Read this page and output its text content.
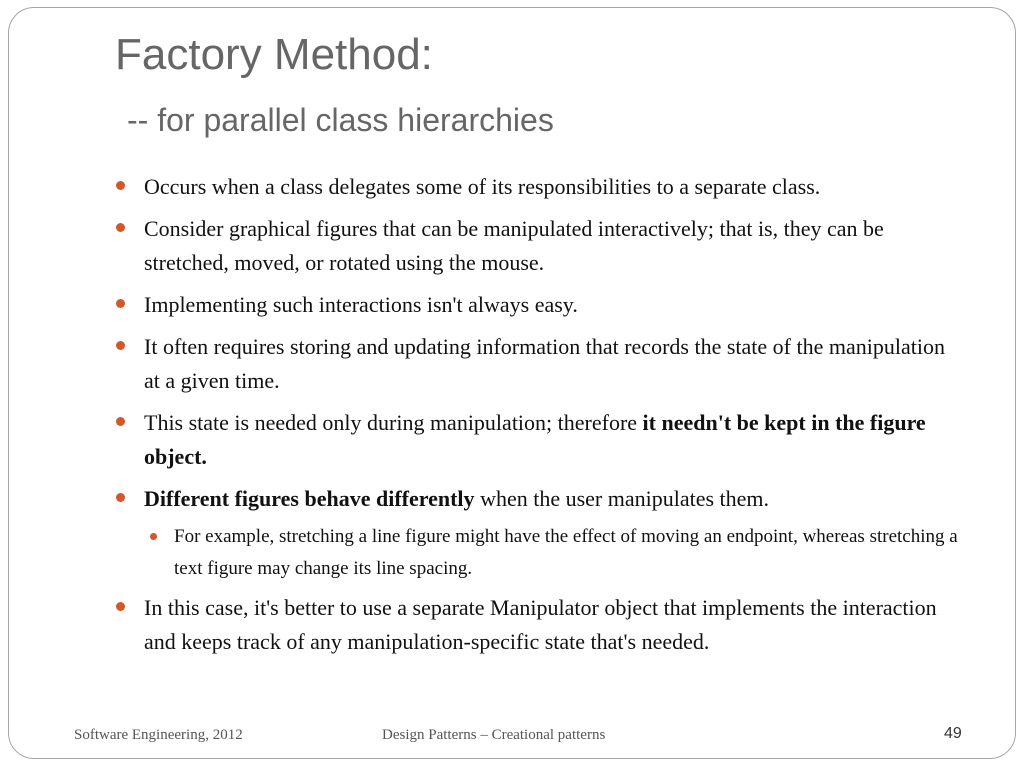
Factory Method:
-- for parallel class hierarchies
Occurs when a class delegates some of its responsibilities to a separate class.
Consider graphical figures that can be manipulated interactively; that is, they can be stretched, moved, or rotated using the mouse.
Implementing such interactions isn't always easy.
It often requires storing and updating information that records the state of the manipulation at a given time.
This state is needed only during manipulation; therefore it needn't be kept in the figure object.
Different figures behave differently when the user manipulates them.
For example, stretching a line figure might have the effect of moving an endpoint, whereas stretching a text figure may change its line spacing.
In this case, it's better to use a separate Manipulator object that implements the interaction and keeps track of any manipulation-specific state that's needed.
Software Engineering, 2012	Design Patterns – Creational patterns	49
